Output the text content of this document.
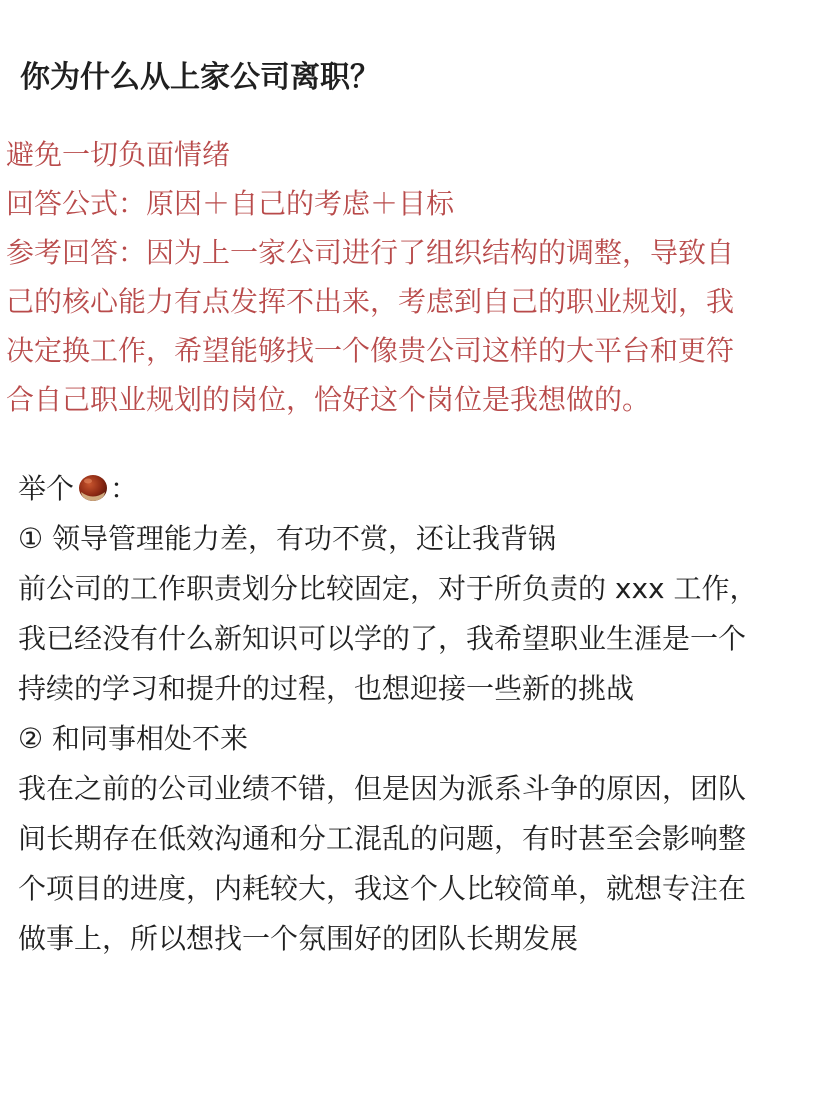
你为什么从上家公司离职？
避免一切负面情绪
回答公式：原因＋自己的考虑＋目标
参考回答：因为上一家公司进行了组织结构的调整，导致自
己的核心能力有点发挥不出来，考虑到自己的职业规划，我
决定换工作，希望能够找一个像贵公司这样的大平台和更符
合自己职业规划的岗位，恰好这个岗位是我想做的。
举个 ：
① 领导管理能力差，有功不赏，还让我背锅
前公司的工作职责划分比较固定，对于所负责的 xxx 工作，
我已经没有什么新知识可以学的了，我希望职业生涯是一个
持续的学习和提升的过程，也想迎接一些新的挑战
② 和同事相处不来
我在之前的公司业绩不错，但是因为派系斗争的原因，团队
间长期存在低效沟通和分工混乱的问题，有时甚至会影响整
个项目的进度，内耗较大，我这个人比较简单，就想专注在
做事上，所以想找一个氛围好的团队长期发展
